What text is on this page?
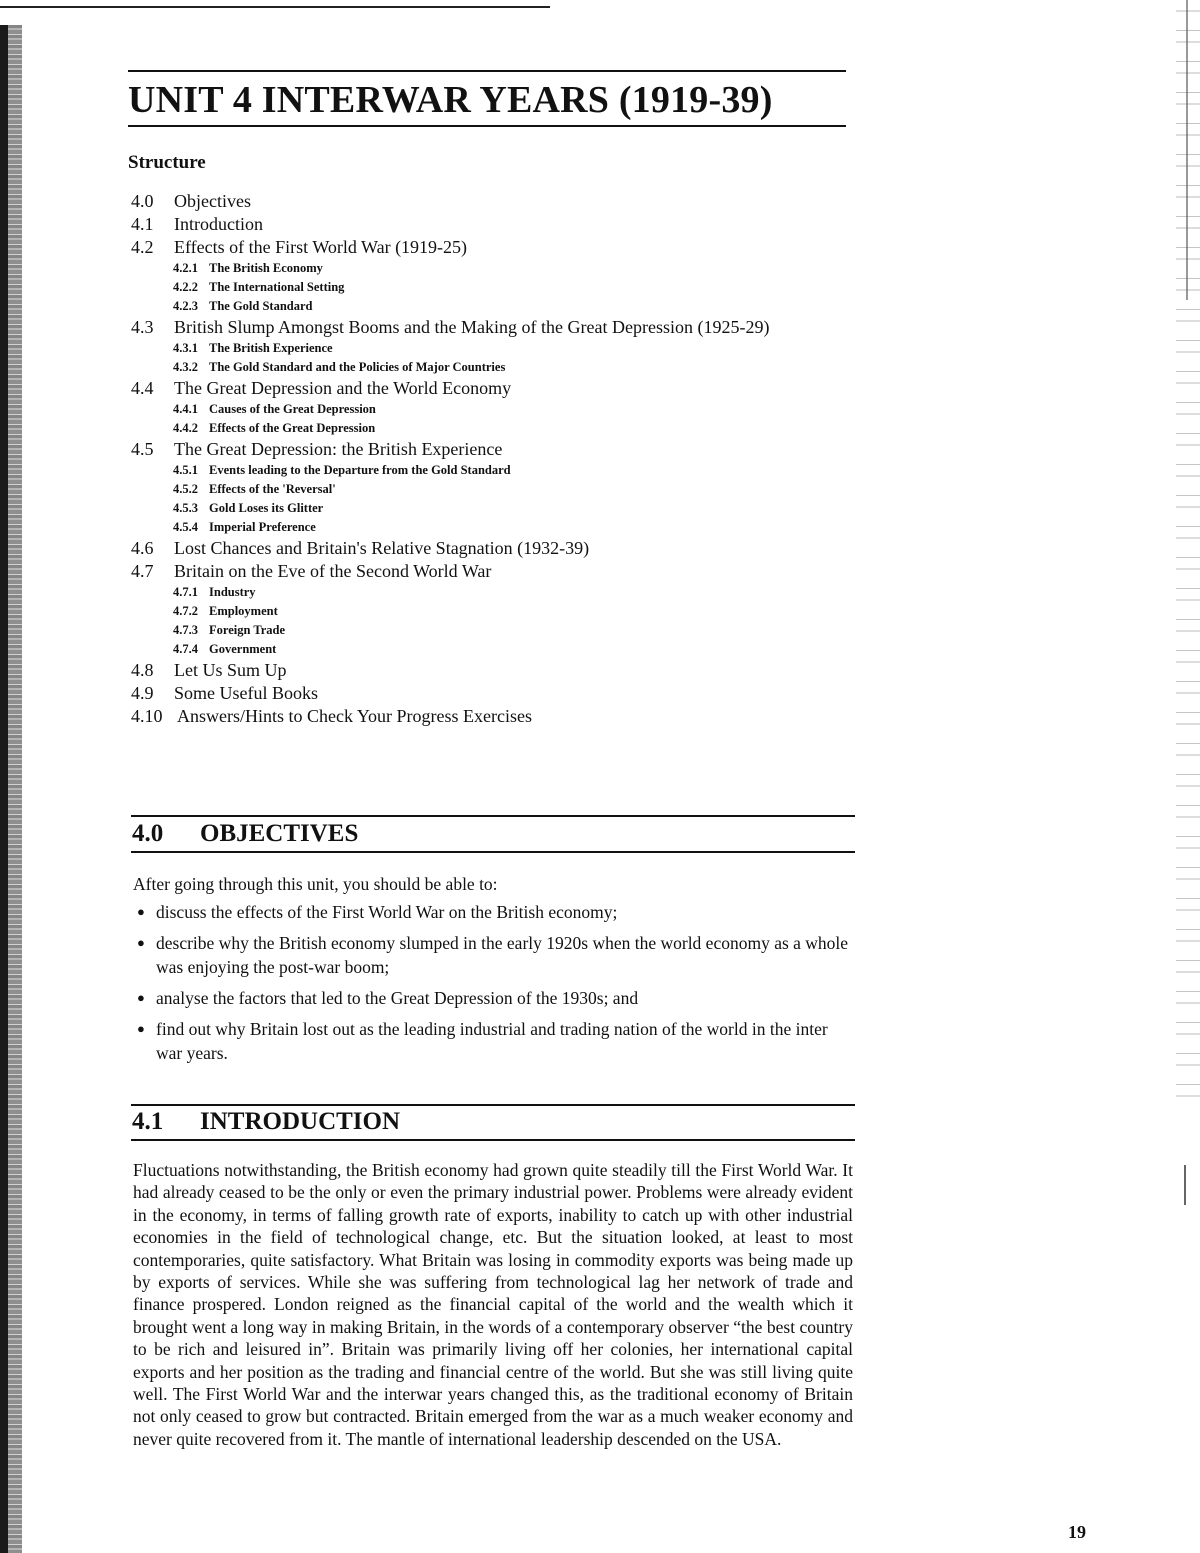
UNIT 4 INTERWAR YEARS (1919-39)
Structure
4.0 Objectives
4.1 Introduction
4.2 Effects of the First World War (1919-25)
4.2.1 The British Economy
4.2.2 The International Setting
4.2.3 The Gold Standard
4.3 British Slump Amongst Booms and the Making of the Great Depression (1925-29)
4.3.1 The British Experience
4.3.2 The Gold Standard and the Policies of Major Countries
4.4 The Great Depression and the World Economy
4.4.1 Causes of the Great Depression
4.4.2 Effects of the Great Depression
4.5 The Great Depression: the British Experience
4.5.1 Events leading to the Departure from the Gold Standard
4.5.2 Effects of the 'Reversal'
4.5.3 Gold Loses its Glitter
4.5.4 Imperial Preference
4.6 Lost Chances and Britain's Relative Stagnation (1932-39)
4.7 Britain on the Eve of the Second World War
4.7.1 Industry
4.7.2 Employment
4.7.3 Foreign Trade
4.7.4 Government
4.8 Let Us Sum Up
4.9 Some Useful Books
4.10 Answers/Hints to Check Your Progress Exercises
4.0 OBJECTIVES

After going through this unit, you should be able to:

● discuss the effects of the First World War on the British economy;
● describe why the British economy slumped in the early 1920s when the world economy as a whole was enjoying the post-war boom;
● analyse the factors that led to the Great Depression of the 1930s; and
● find out why Britain lost out as the leading industrial and trading nation of the world in the inter war years.
4.1 INTRODUCTION

Fluctuations notwithstanding, the British economy had grown quite steadily till the First World War. It had already ceased to be the only or even the primary industrial power. Problems were already evident in the economy, in terms of falling growth rate of exports, inability to catch up with other industrial economies in the field of technological change, etc. But the situation looked, at least to most contemporaries, quite satisfactory. What Britain was losing in commodity exports was being made up by exports of services. While she was suffering from technological lag her network of trade and finance prospered. London reigned as the financial capital of the world and the wealth which it brought went a long way in making Britain, in the words of a contemporary observer “the best country to be rich and leisured in”. Britain was primarily living off her colonies, her international capital exports and her position as the trading and financial centre of the world. But she was still living quite well. The First World War and the interwar years changed this, as the traditional economy of Britain not only ceased to grow but contracted. Britain emerged from the war as a much weaker economy and never quite recovered from it. The mantle of international leadership descended on the USA.

19
